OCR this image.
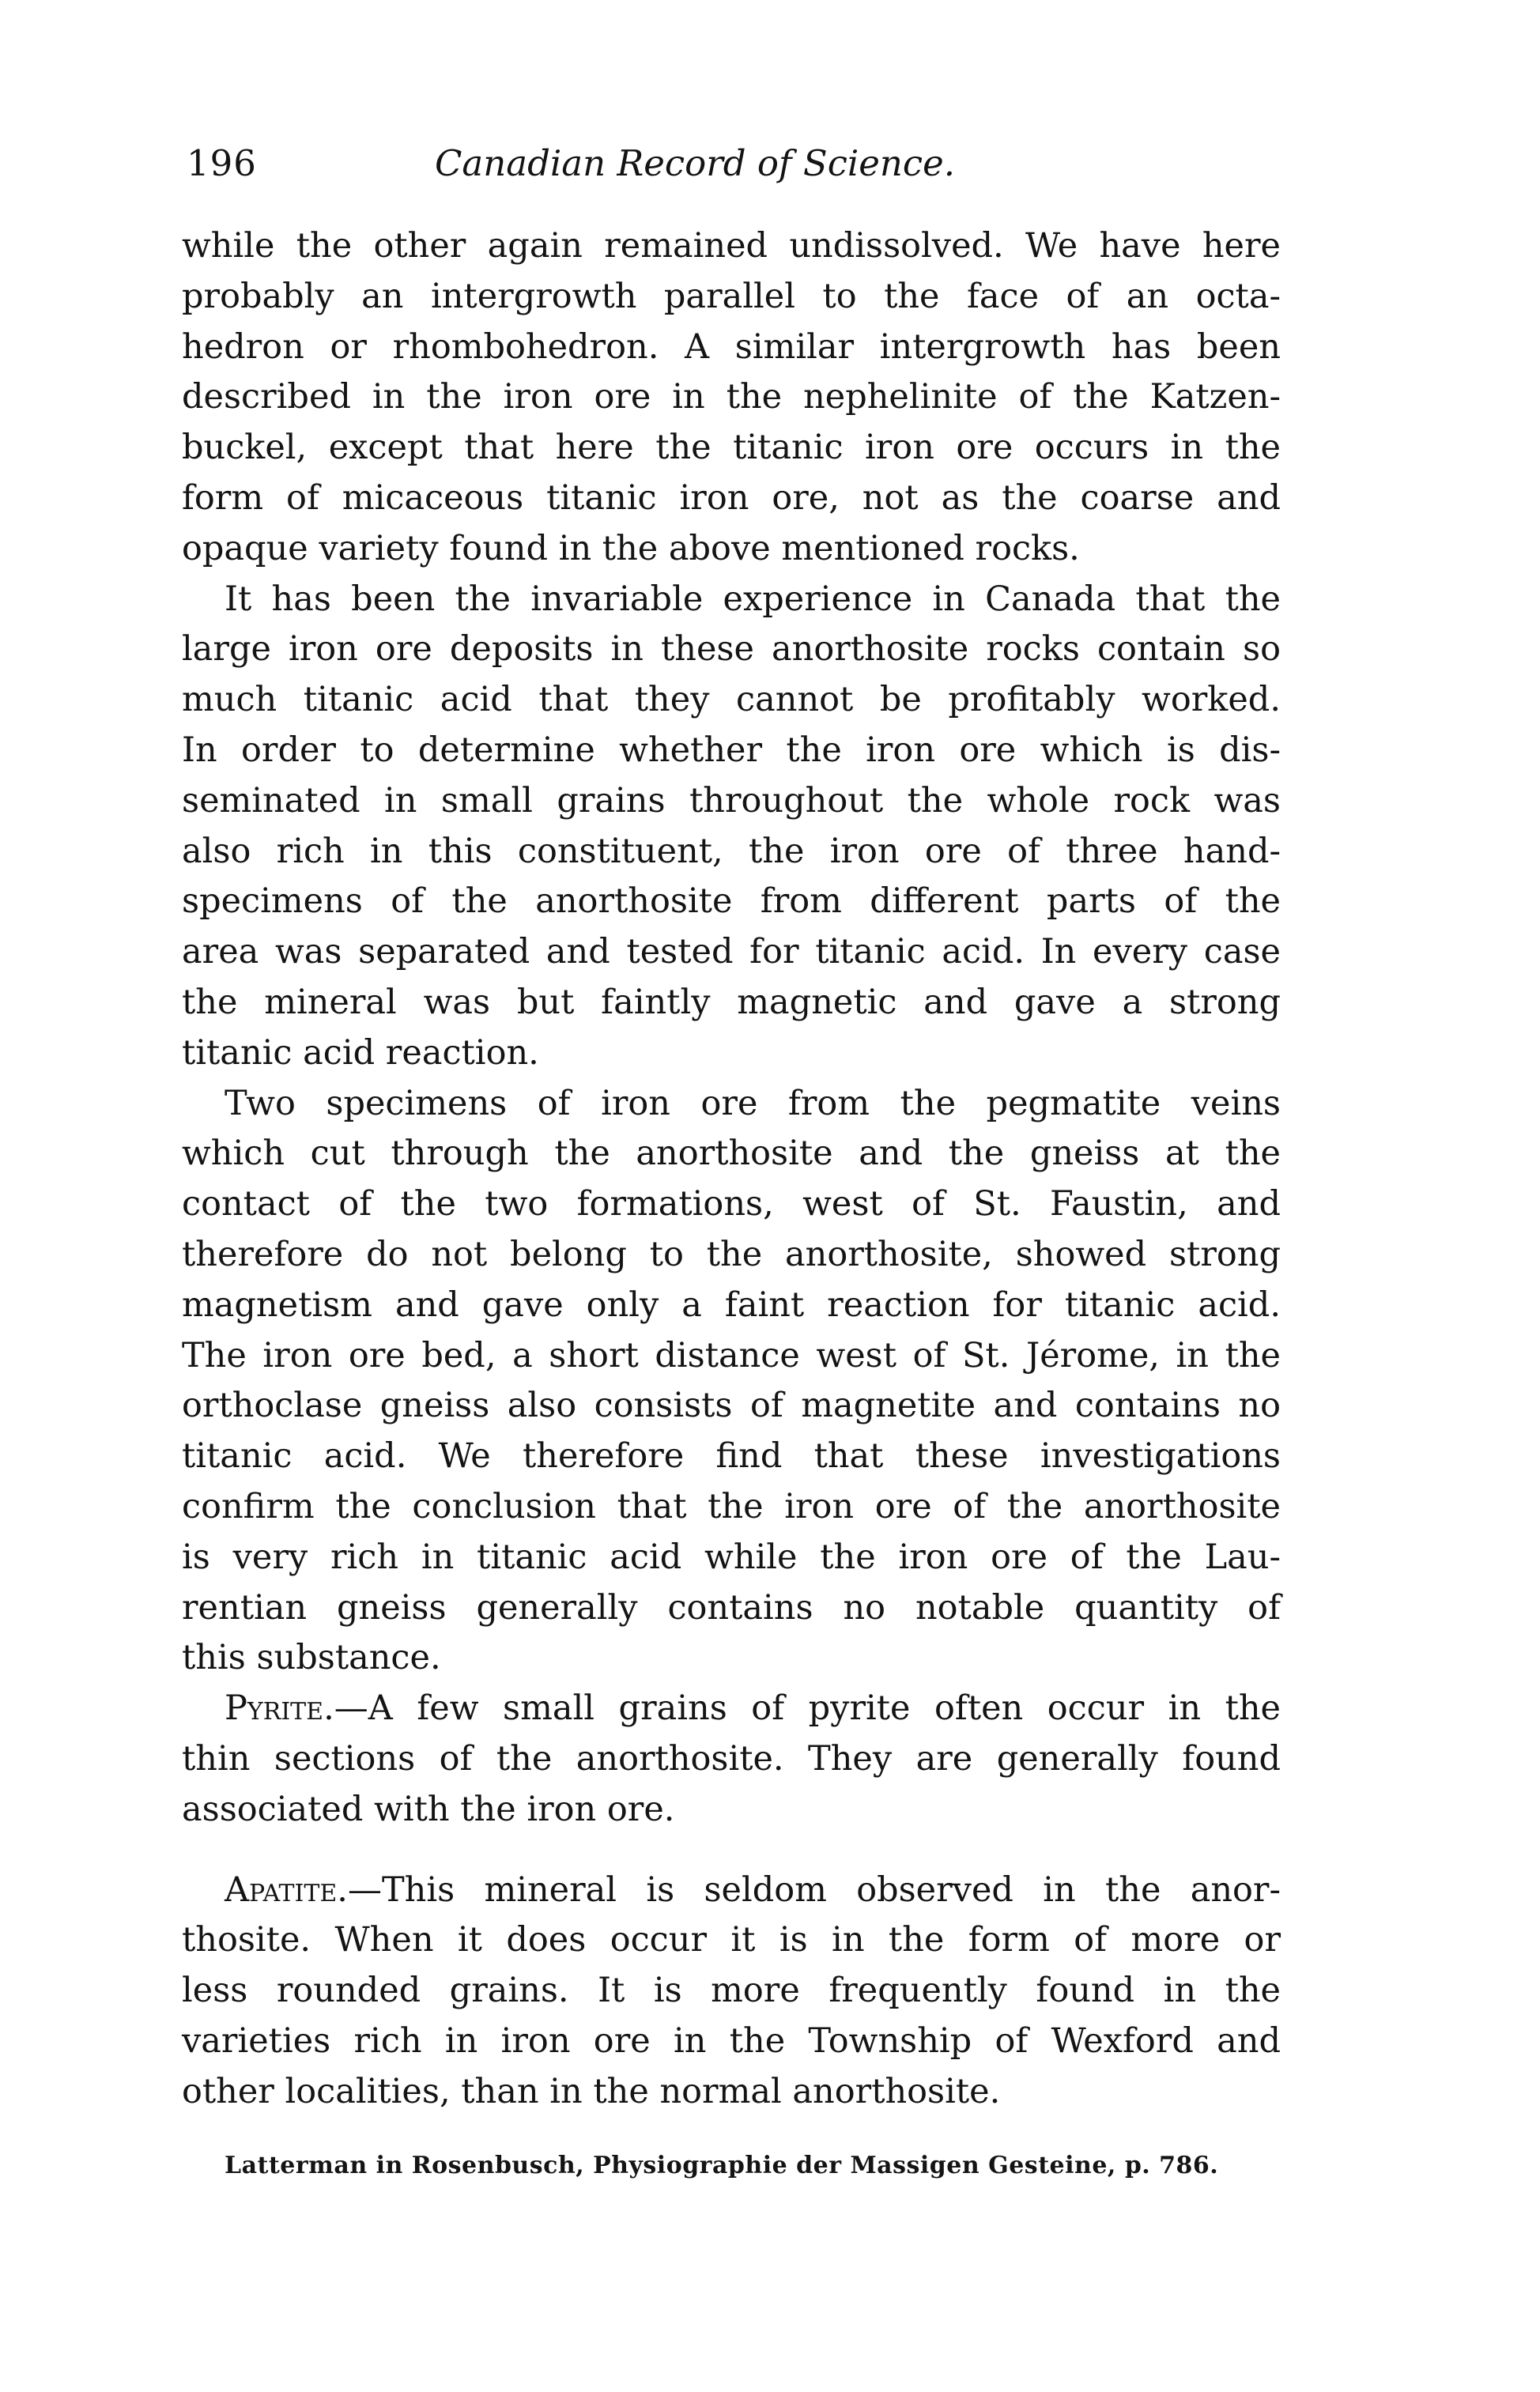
196	Canadian Record of Science.
while the other again remained undissolved. We have here
probably an intergrowth parallel to the face of an octa-
hedron or rhombohedron. A similar intergrowth has been
described in the iron ore in the nephelinite of the Katzen-
buckel, except that here the titanic iron ore occurs in the
form of micaceous titanic iron ore, not as the coarse and
opaque variety found in the above mentioned rocks.
It has been the invariable experience in Canada that the
large iron ore deposits in these anorthosite rocks contain so
much titanic acid that they cannot be profitably worked.
In order to determine whether the iron ore which is dis-
seminated in small grains throughout the whole rock was
also rich in this constituent, the iron ore of three hand-
specimens of the anorthosite from different parts of the
area was separated and tested for titanic acid. In every case
the mineral was but faintly magnetic and gave a strong
titanic acid reaction.
Two specimens of iron ore from the pegmatite veins
which cut through the anorthosite and the gneiss at the
contact of the two formations, west of St. Faustin, and
therefore do not belong to the anorthosite, showed strong
magnetism and gave only a faint reaction for titanic acid.
The iron ore bed, a short distance west of St. Jérome, in the
orthoclase gneiss also consists of magnetite and contains no
titanic acid. We therefore find that these investigations
confirm the conclusion that the iron ore of the anorthosite
is very rich in titanic acid while the iron ore of the Lau-
rentian gneiss generally contains no notable quantity of
this substance.
Pyrite.—A few small grains of pyrite often occur in the
thin sections of the anorthosite. They are generally found
associated with the iron ore.
Apatite.—This mineral is seldom observed in the anor-
thosite. When it does occur it is in the form of more or
less rounded grains. It is more frequently found in the
varieties rich in iron ore in the Township of Wexford and
other localities, than in the normal anorthosite.
Latterman in Rosenbusch, Physiographie der Massigen Gesteine, p. 786.
